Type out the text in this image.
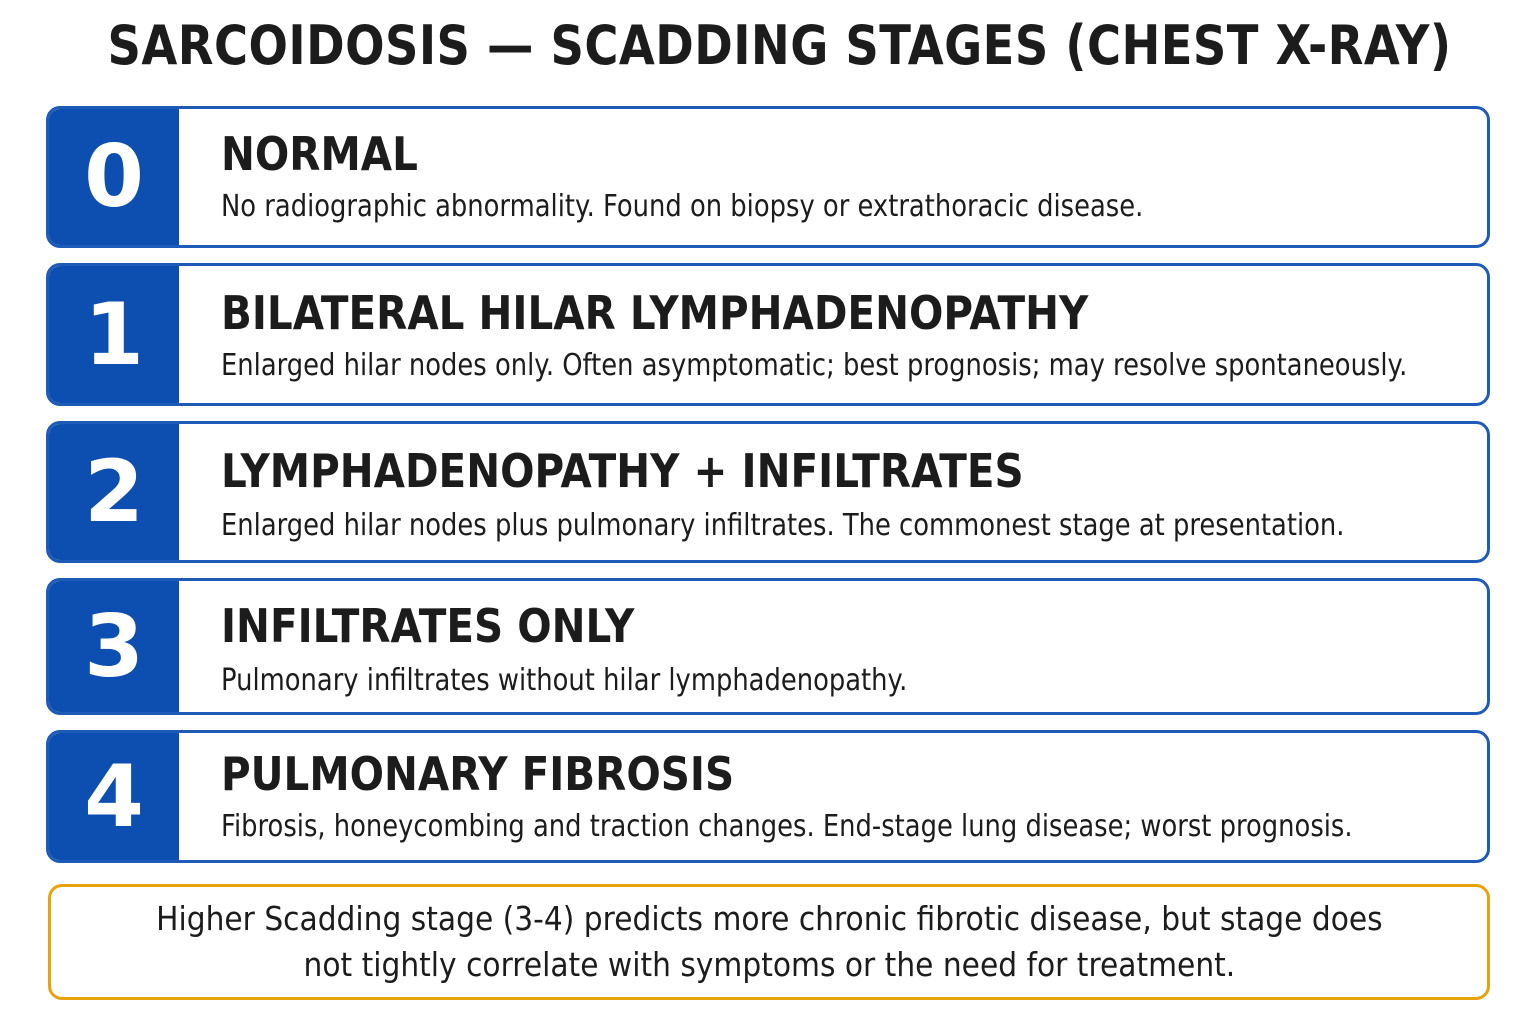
SARCOIDOSIS — SCADDING STAGES (CHEST X-RAY)
0	NORMAL
No radiographic abnormality. Found on biopsy or extrathoracic disease.
1	BILATERAL HILAR LYMPHADENOPATHY
Enlarged hilar nodes only. Often asymptomatic; best prognosis; may resolve spontaneously.
2	LYMPHADENOPATHY + INFILTRATES
Enlarged hilar nodes plus pulmonary infiltrates. The commonest stage at presentation.
3	INFILTRATES ONLY
Pulmonary infiltrates without hilar lymphadenopathy.
4	PULMONARY FIBROSIS
Fibrosis, honeycombing and traction changes. End-stage lung disease; worst prognosis.
Higher Scadding stage (3-4) predicts more chronic fibrotic disease, but stage does
not tightly correlate with symptoms or the need for treatment.
